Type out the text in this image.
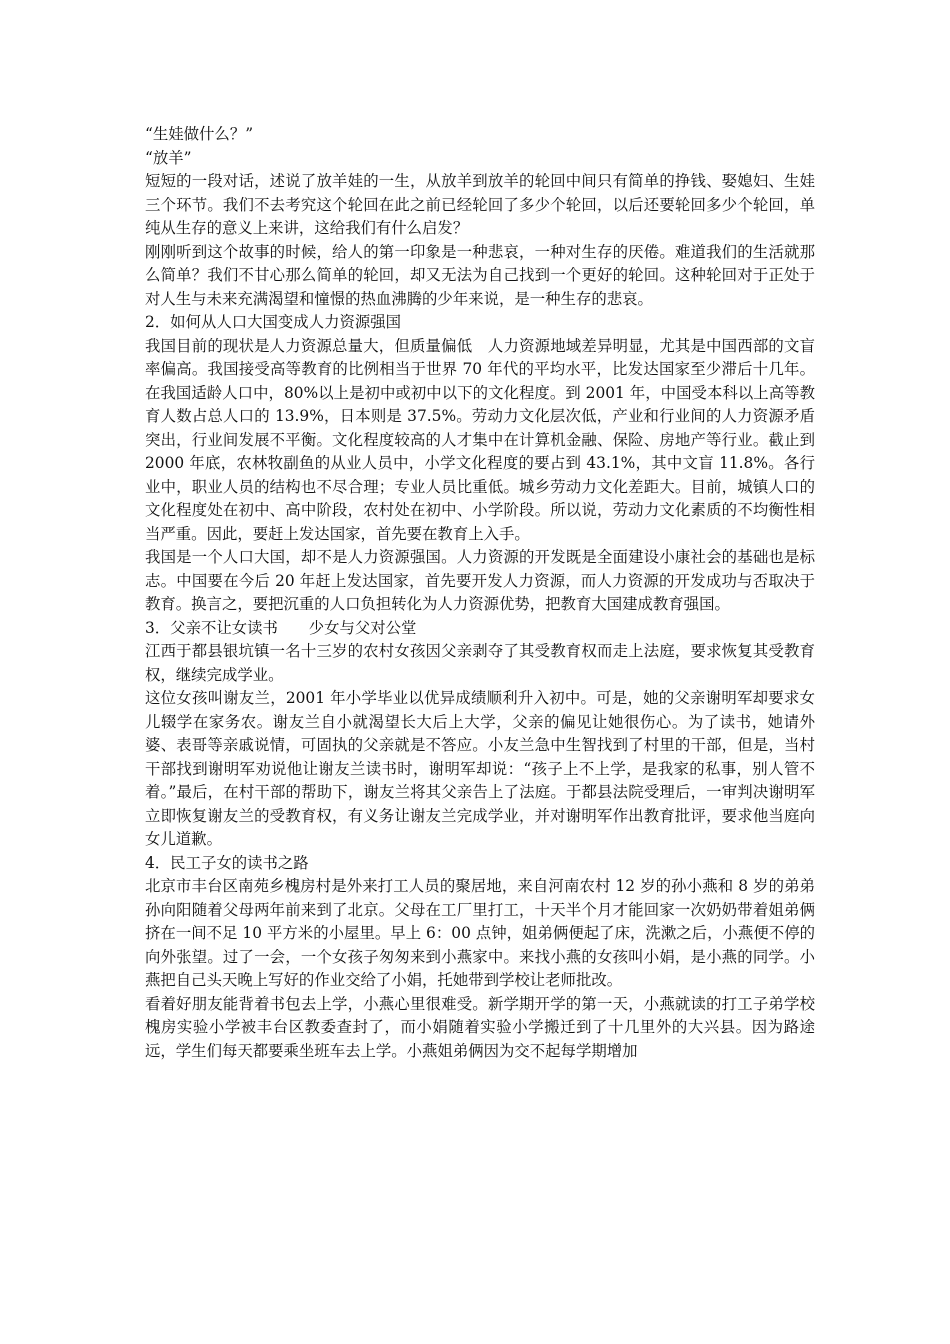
“生娃做什么？”

“放羊”

短短的一段对话，述说了放羊娃的一生，从放羊到放羊的轮回中间只有简单的挣钱、娶媳妇、生娃三个环节。我们不去考究这个轮回在此之前已经轮回了多少个轮回，以后还要轮回多少个轮回，单纯从生存的意义上来讲，这给我们有什么启发？

刚刚听到这个故事的时候，给人的第一印象是一种悲哀，一种对生存的厌倦。难道我们的生活就那么简单？我们不甘心那么简单的轮回，却又无法为自己找到一个更好的轮回。这种轮回对于正处于对人生与未来充满渴望和憧憬的热血沸腾的少年来说，是一种生存的悲哀。

2．如何从人口大国变成人力资源强国

我国目前的现状是人力资源总量大，但质量偏低　人力资源地域差异明显，尤其是中国西部的文盲率偏高。我国接受高等教育的比例相当于世界 70 年代的平均水平，比发达国家至少滞后十几年。在我国适龄人口中，80%以上是初中或初中以下的文化程度。到 2001 年，中国受本科以上高等教育人数占总人口的 13.9%，日本则是 37.5%。劳动力文化层次低，产业和行业间的人力资源矛盾突出，行业间发展不平衡。文化程度较高的人才集中在计算机金融、保险、房地产等行业。截止到 2000 年底，农林牧副鱼的从业人员中，小学文化程度的要占到 43.1%，其中文盲 11.8%。各行业中，职业人员的结构也不尽合理；专业人员比重低。城乡劳动力文化差距大。目前，城镇人口的文化程度处在初中、高中阶段，农村处在初中、小学阶段。所以说，劳动力文化素质的不均衡性相当严重。因此，要赶上发达国家，首先要在教育上入手。

我国是一个人口大国，却不是人力资源强国。人力资源的开发既是全面建设小康社会的基础也是标志。中国要在今后 20 年赶上发达国家，首先要开发人力资源，而人力资源的开发成功与否取决于教育。换言之，要把沉重的人口负担转化为人力资源优势，把教育大国建成教育强国。

3．父亲不让女读书　　少女与父对公堂

江西于都县银坑镇一名十三岁的农村女孩因父亲剥夺了其受教育权而走上法庭，要求恢复其受教育权，继续完成学业。

这位女孩叫谢友兰，2001 年小学毕业以优异成绩顺利升入初中。可是，她的父亲谢明军却要求女儿辍学在家务农。谢友兰自小就渴望长大后上大学，父亲的偏见让她很伤心。为了读书，她请外婆、表哥等亲戚说情，可固执的父亲就是不答应。小友兰急中生智找到了村里的干部，但是，当村干部找到谢明军劝说他让谢友兰读书时，谢明军却说：“孩子上不上学，是我家的私事，别人管不着。”最后，在村干部的帮助下，谢友兰将其父亲告上了法庭。于都县法院受理后，一审判决谢明军立即恢复谢友兰的受教育权，有义务让谢友兰完成学业，并对谢明军作出教育批评，要求他当庭向女儿道歉。

4．民工子女的读书之路

北京市丰台区南苑乡槐房村是外来打工人员的聚居地，来自河南农村 12 岁的孙小燕和 8 岁的弟弟孙向阳随着父母两年前来到了北京。父母在工厂里打工，十天半个月才能回家一次奶奶带着姐弟俩挤在一间不足 10 平方米的小屋里。早上 6：00 点钟，姐弟俩便起了床，洗漱之后，小燕便不停的向外张望。过了一会，一个女孩子匆匆来到小燕家中。来找小燕的女孩叫小娟，是小燕的同学。小燕把自己头天晚上写好的作业交给了小娟，托她带到学校让老师批改。

看着好朋友能背着书包去上学，小燕心里很难受。新学期开学的第一天，小燕就读的打工子弟学校槐房实验小学被丰台区教委查封了，而小娟随着实验小学搬迁到了十几里外的大兴县。因为路途远，学生们每天都要乘坐班车去上学。小燕姐弟俩因为交不起每学期增加
